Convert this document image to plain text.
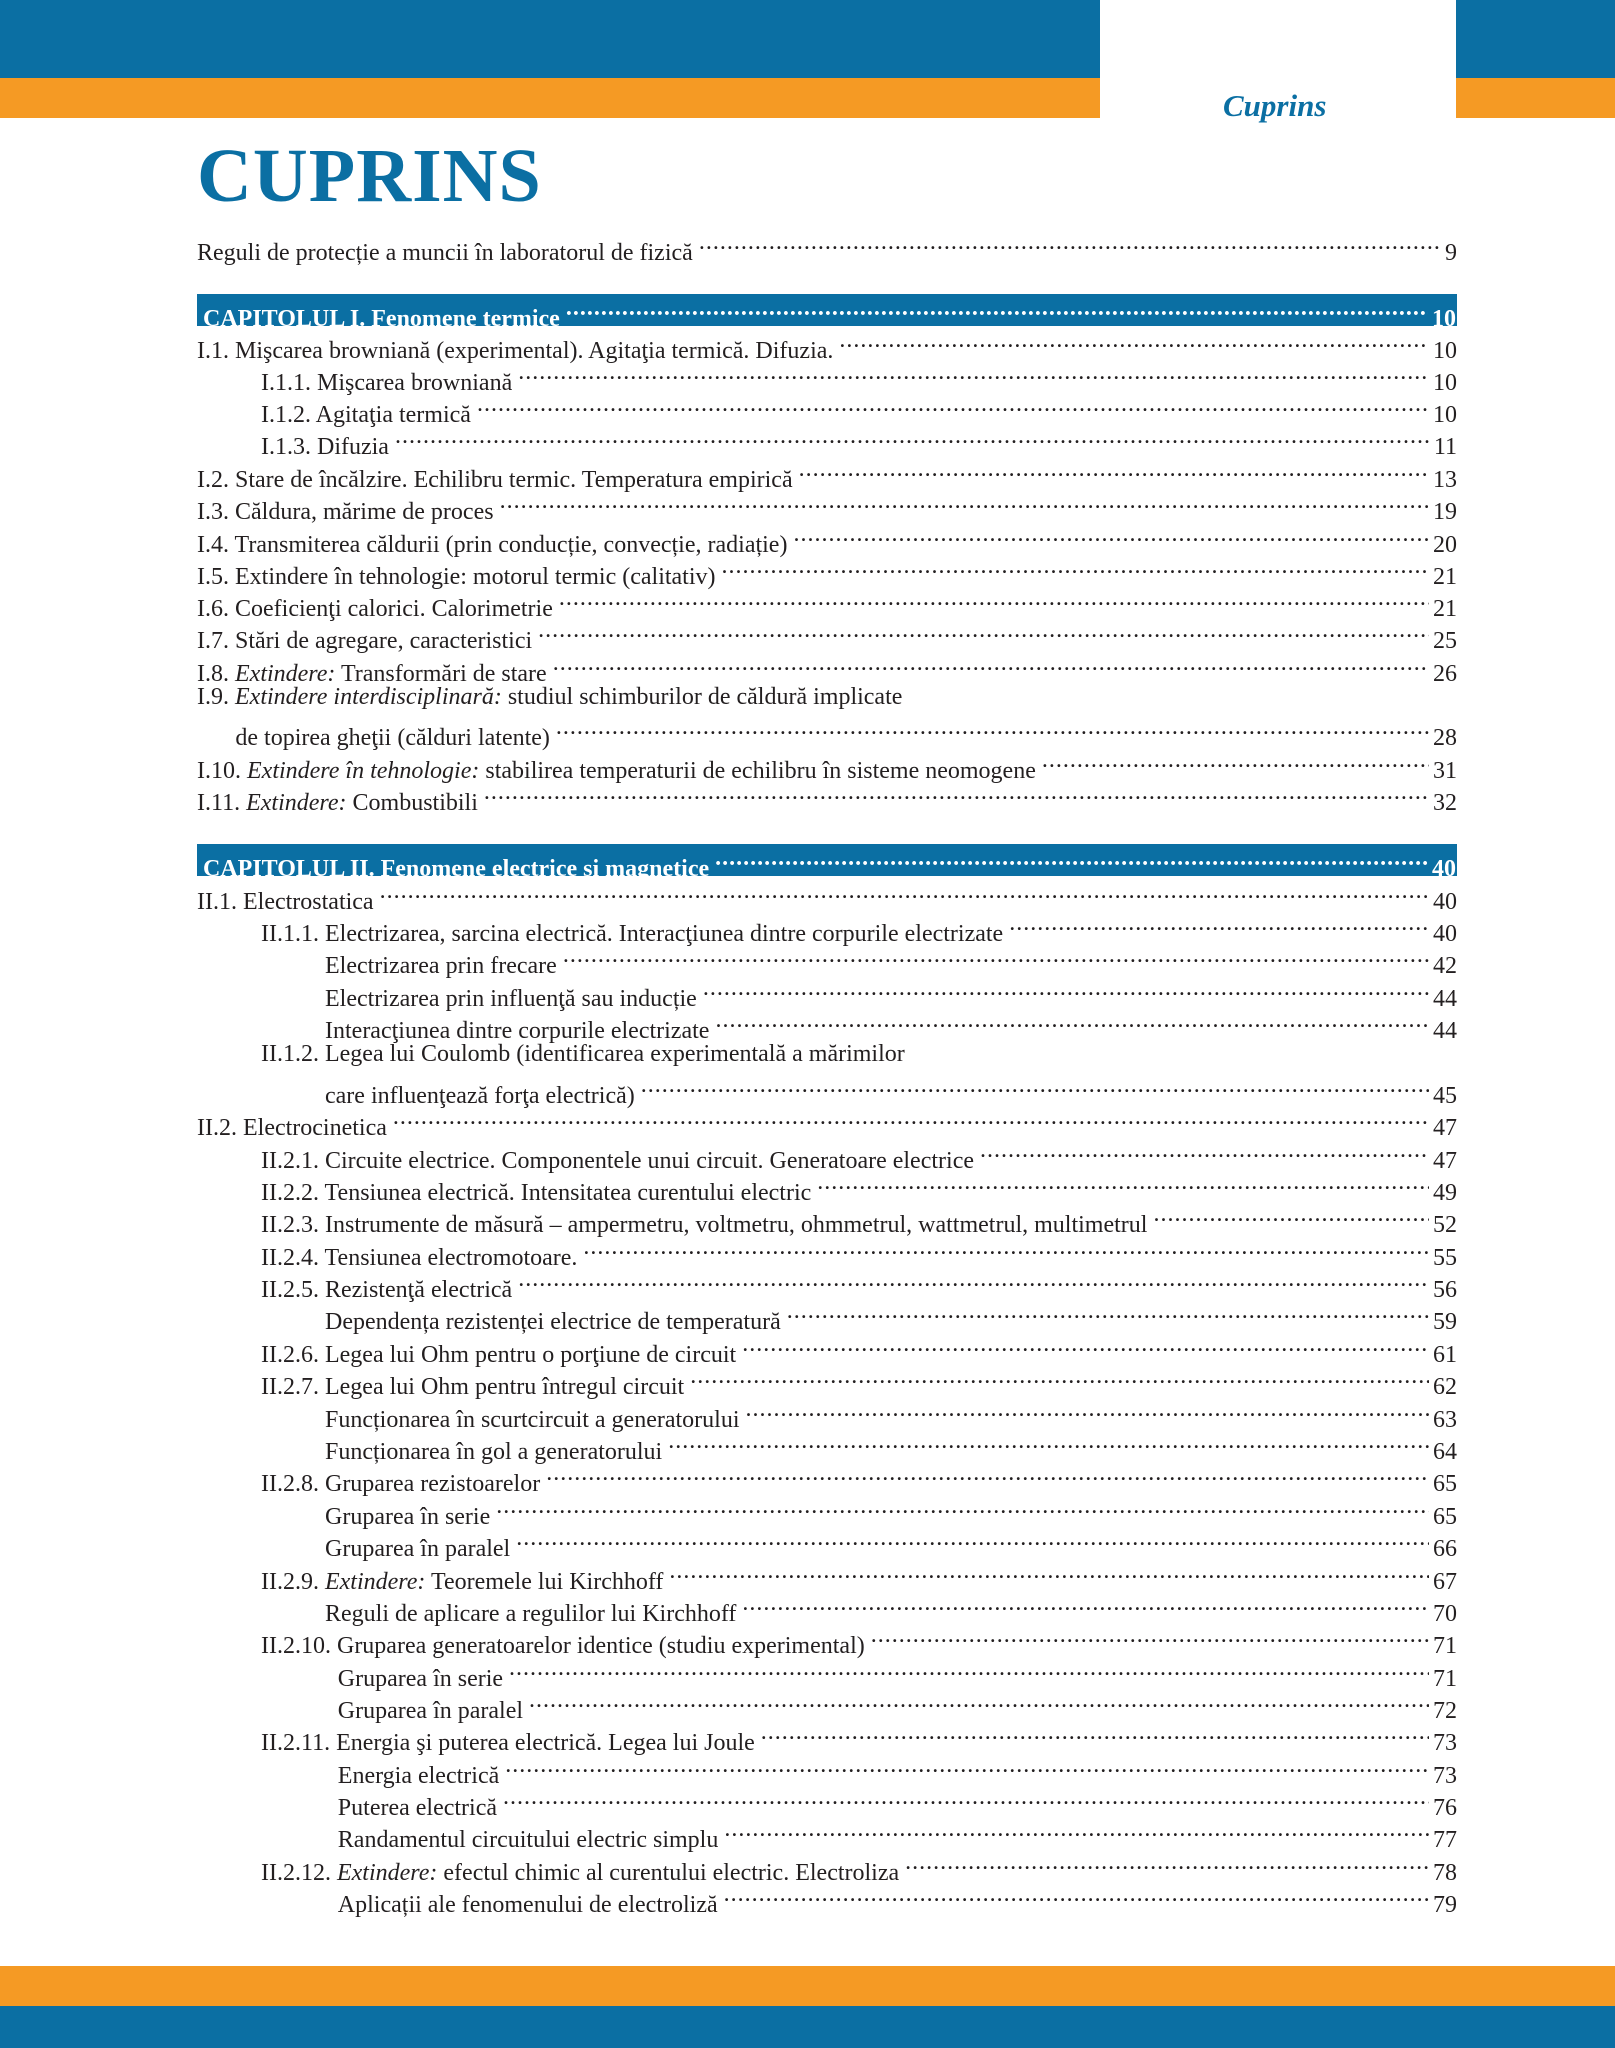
Cuprins
CUPRINS
Reguli de protecție a muncii în laboratorul de fizică .....	9
CAPITOLUL I. Fenomene termice .....	10
I.1. Mişcarea browniană (experimental). Agitaţia termică. Difuzia. .....	10
I.1.1. Mişcarea browniană .....	10
I.1.2. Agitaţia termică .....	10
I.1.3. Difuzia .....	11
I.2. Stare de încălzire. Echilibru termic. Temperatura empirică .....	13
I.3. Căldura, mărime de proces .....	19
I.4. Transmiterea căldurii (prin conducție, convecție, radiație) .....	20
I.5. Extindere în tehnologie: motorul termic (calitativ) .....	21
I.6. Coeficienţi calorici. Calorimetrie .....	21
I.7. Stări de agregare, caracteristici .....	25
I.8. Extindere: Transformări de stare .....	26
I.9. Extindere interdisciplinară: studiul schimburilor de căldură implicate
de topirea gheţii (călduri latente) .....	28
I.10. Extindere în tehnologie: stabilirea temperaturii de echilibru în sisteme neomogene .....	31
I.11. Extindere: Combustibili .....	32
CAPITOLUL II. Fenomene electrice și magnetice .....	40
II.1. Electrostatica .....	40
II.1.1. Electrizarea, sarcina electrică. Interacţiunea dintre corpurile electrizate .....	40
Electrizarea prin frecare .....	42
Electrizarea prin influenţă sau inducție .....	44
Interacţiunea dintre corpurile electrizate .....	44
II.1.2. Legea lui Coulomb (identificarea experimentală a mărimilor
care influenţează forţa electrică) .....	45
II.2. Electrocinetica .....	47
II.2.1. Circuite electrice. Componentele unui circuit. Generatoare electrice .....	47
II.2.2. Tensiunea electrică. Intensitatea curentului electric .....	49
II.2.3. Instrumente de măsură – ampermetru, voltmetru, ohmmetrul, wattmetrul, multimetrul .....	52
II.2.4. Tensiunea electromotoare. .....	55
II.2.5. Rezistenţă electrică .....	56
Dependența rezistenței electrice de temperatură .....	59
II.2.6. Legea lui Ohm pentru o porţiune de circuit .....	61
II.2.7. Legea lui Ohm pentru întregul circuit .....	62
Funcționarea în scurtcircuit a generatorului .....	63
Funcționarea în gol a generatorului .....	64
II.2.8. Gruparea rezistoarelor .....	65
Gruparea în serie .....	65
Gruparea în paralel .....	66
II.2.9. Extindere: Teoremele lui Kirchhoff .....	67
Reguli de aplicare a regulilor lui Kirchhoff .....	70
II.2.10. Gruparea generatoarelor identice (studiu experimental) .....	71
Gruparea în serie .....	71
Gruparea în paralel .....	72
II.2.11. Energia şi puterea electrică. Legea lui Joule .....	73
Energia electrică .....	73
Puterea electrică .....	76
Randamentul circuitului electric simplu .....	77
II.2.12. Extindere: efectul chimic al curentului electric. Electroliza .....	78
Aplicații ale fenomenului de electroliză .....	79
